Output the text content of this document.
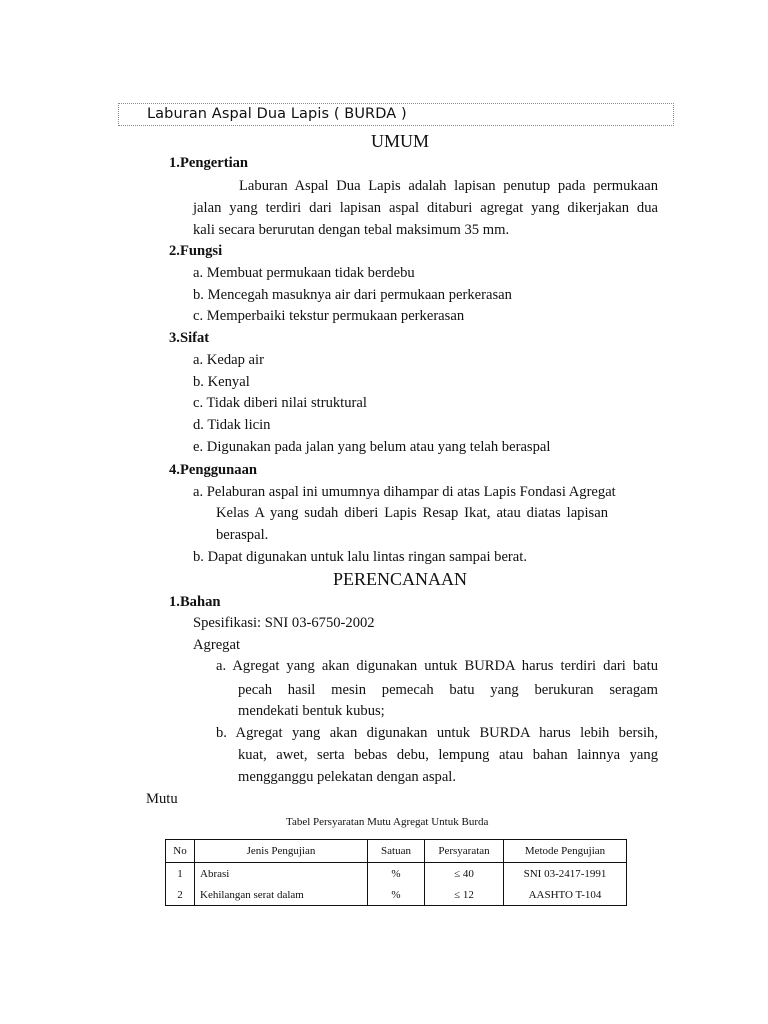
Laburan Aspal Dua Lapis ( BURDA )
UMUM
1.Pengertian
Laburan Aspal Dua Lapis adalah lapisan penutup pada permukaan
jalan yang terdiri dari lapisan aspal ditaburi agregat yang dikerjakan dua
kali secara berurutan dengan tebal maksimum 35 mm.
2.Fungsi
a. Membuat permukaan tidak berdebu
b. Mencegah masuknya air dari permukaan perkerasan
c. Memperbaiki tekstur permukaan perkerasan
3.Sifat
a. Kedap air
b. Kenyal
c. Tidak diberi nilai struktural
d. Tidak licin
e. Digunakan pada jalan yang belum atau yang telah beraspal
4.Penggunaan
a. Pelaburan aspal ini umumnya dihampar di atas Lapis Fondasi Agregat
Kelas A yang sudah diberi Lapis Resap Ikat, atau diatas lapisan
beraspal.
b. Dapat digunakan untuk lalu lintas ringan sampai berat.
PERENCANAAN
1.Bahan
Spesifikasi: SNI 03-6750-2002
Agregat
a. Agregat yang akan digunakan untuk BURDA harus terdiri dari batu
pecah hasil mesin pemecah batu yang berukuran seragam
mendekati bentuk kubus;
b. Agregat yang akan digunakan untuk BURDA harus lebih bersih,
kuat, awet, serta bebas debu, lempung atau bahan lainnya yang
mengganggu pelekatan dengan aspal.
Mutu
Tabel Persyaratan Mutu Agregat Untuk Burda
No	Jenis Pengujian	Satuan	Persyaratan	Metode Pengujian
1	Abrasi	%	≤ 40	SNI 03-2417-1991
2	Kehilangan serat dalam	%	≤ 12	AASHTO T-104
